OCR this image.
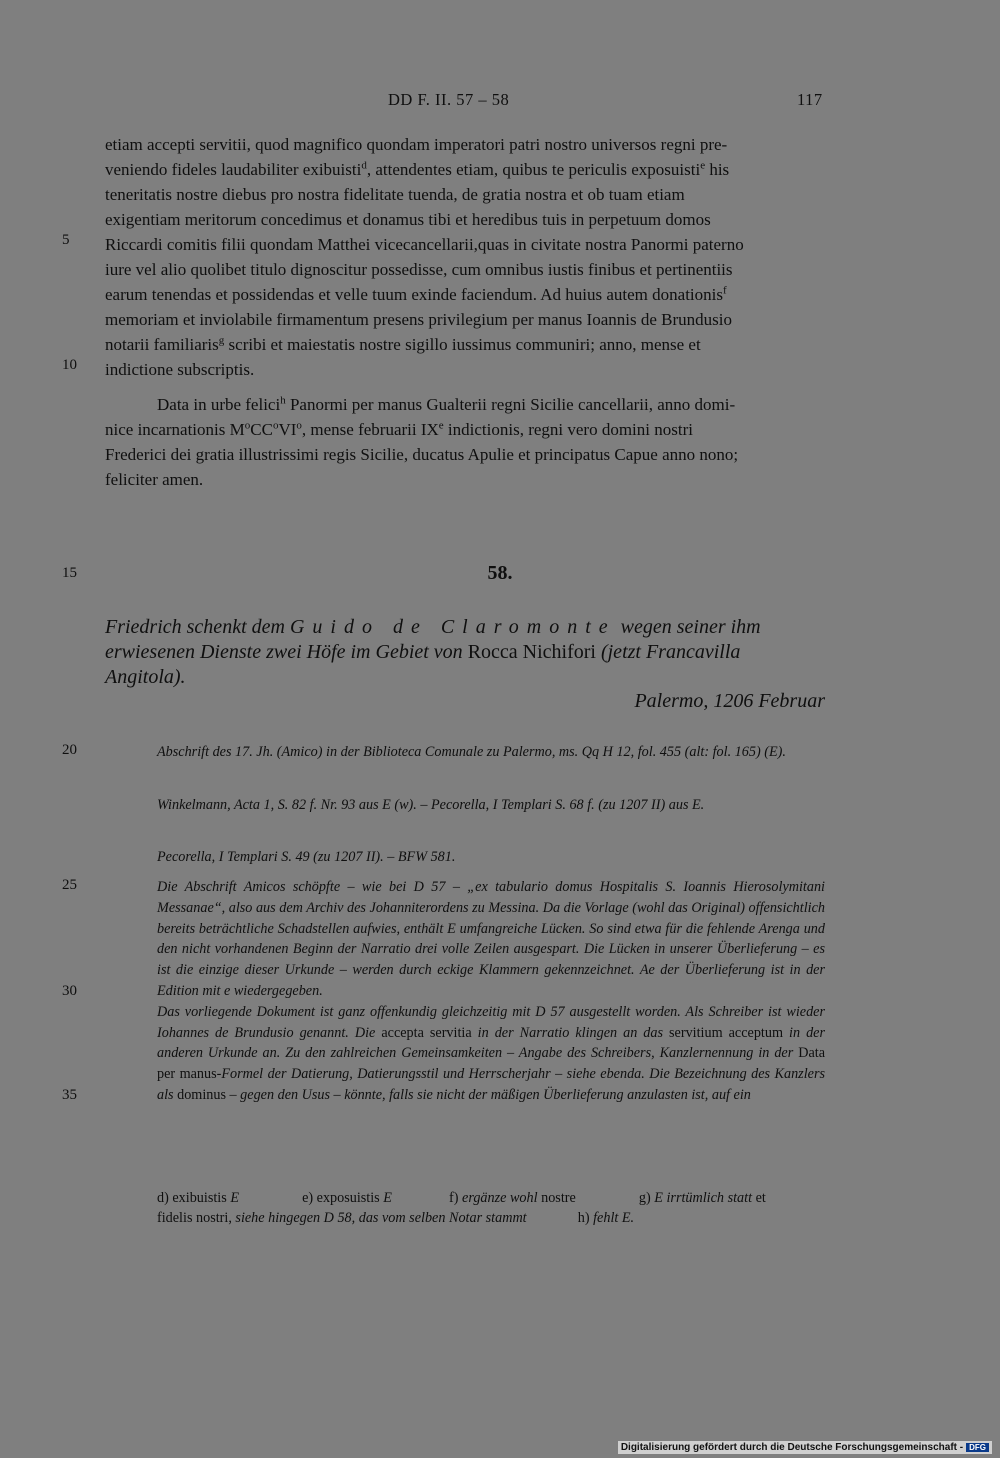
DD F. II. 57 – 58	117
5
10
15
20
25
30
35

etiam accepti servitii, quod magnifico quondam imperatori patri nostro universos regni pre-

veniendo fideles laudabiliter exibuisti$^d$, attendentes etiam, quibus te periculis exposuisti$^e$ his

teneritatis nostre diebus pro nostra fidelitate tuenda, de gratia nostra et ob tuam etiam

exigentiam meritorum concedimus et donamus tibi et heredibus tuis in perpetuum domos

Riccardi comitis filii quondam Matthei vicecancellarii,quas in civitate nostra Panormi paterno

iure vel alio quolibet titulo dignoscitur possedisse, cum omnibus iustis finibus et pertinentiis

earum tenendas et possidendas et velle tuum exinde faciendum. Ad huius autem donationis$^f$

memoriam et inviolabile firmamentum presens privilegium per manus Ioannis de Brundusio

notarii familiaris$^g$ scribi et maiestatis nostre sigillo iussimus communiri; anno, mense et

indictione subscriptis.

Data in urbe felici$^h$ Panormi per manus Gualterii regni Sicilie cancellarii, anno domi-

nice incarnationis $M^oCC^oVI^o$, mense februarii IXe indictionis, regni vero domini nostri

Frederici dei gratia illustrissimi regis Sicilie, ducatus Apulie et principatus Capue anno nono;

feliciter amen.

58.
Friedrich schenkt dem Guido de Claromonte wegen seiner ihm
erwiesenen Dienste zwei Höfe im Gebiet von Rocca Nichifori (jetzt Francavilla
Angitola).
Palermo, 1206 Februar
Abschrift des 17. Jh. (Amico) in der Biblioteca Comunale zu Palermo, ms. Qq H 12, fol. 455 (alt: fol. 165) (E).
Winkelmann, Acta 1, S. 82 f. Nr. 93 aus E (w). – Pecorella, I Templari S. 68 f. (zu 1207 II) aus E.
Pecorella, I Templari S. 49 (zu 1207 II). – BFW 581.
Die Abschrift Amicos schöpfte – wie bei D 57 – „ex tabulario domus Hospitalis S. Ioannis Hierosolymitani Messanae“, also aus dem Archiv des Johanniterordens zu Messina. Da die Vorlage (wohl das Original) offensichtlich bereits beträchtliche Schadstellen aufwies, enthält E umfangreiche Lücken. So sind etwa für die fehlende Arenga und den nicht vorhandenen Beginn der Narratio drei volle Zeilen ausgespart. Die Lücken in unserer Überlieferung – es ist die einzige dieser Urkunde – werden durch eckige Klammern gekennzeichnet. Ae der Überlieferung ist in der Edition mit e wiedergegeben.
Das vorliegende Dokument ist ganz offenkundig gleichzeitig mit D 57 ausgestellt worden. Als Schreiber ist wieder Iohannes de Brundusio genannt. Die accepta servitia in der Narratio klingen an das servitium acceptum in der anderen Urkunde an. Zu den zahlreichen Gemeinsamkeiten – Angabe des Schreibers, Kanzlernennung in der Data per manus-Formel der Datierung, Datierungsstil und Herrscherjahr – siehe ebenda. Die Bezeichnung des Kanzlers als dominus – gegen den Usus – könnte, falls sie nicht der mäßigen Überlieferung anzulasten ist, auf ein
d) exibuistis E	e) exposuistis E	f) ergänze wohl nostre	g) E irrtümlich statt et
fidelis nostri, siehe hingegen D 58, das vom selben Notar stammt	h) fehlt E.
Digitalisierung gefördert durch die Deutsche Forschungsgemeinschaft - DFG
